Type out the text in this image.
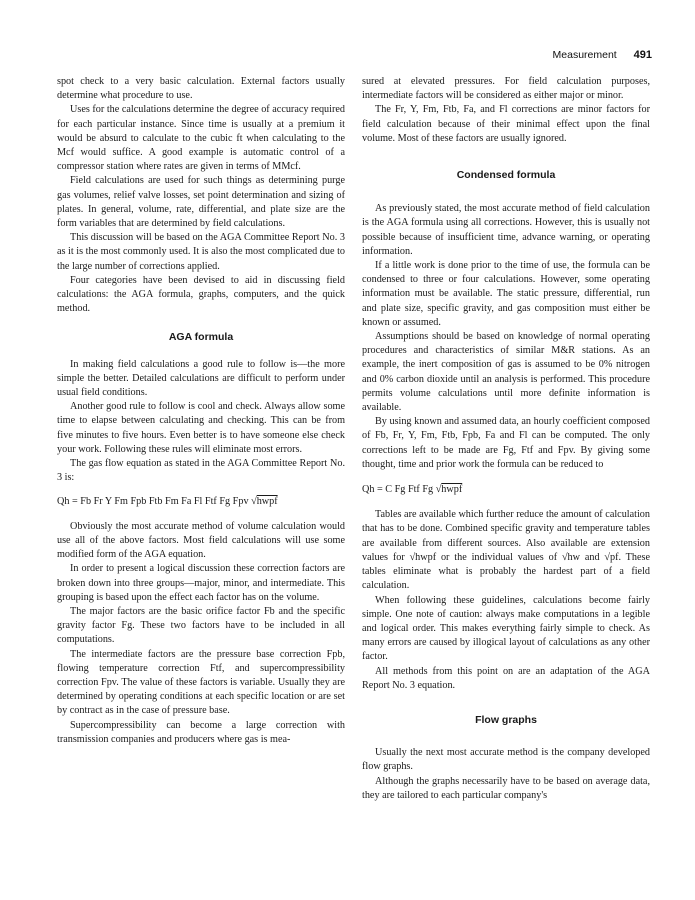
Measurement 491

spot check to a very basic calculation. External factors usually determine what procedure to use.

Uses for the calculations determine the degree of accuracy required for each particular instance. Since time is usually at a premium it would be absurd to calculate to the cubic ft when calculating to the Mcf would suffice. A good example is automatic control of a compressor station where rates are given in terms of MMcf.

Field calculations are used for such things as determining purge gas volumes, relief valve losses, set point determination and sizing of plates. In general, volume, rate, differential, and plate size are the form variables that are determined by field calculations.

This discussion will be based on the AGA Committee Report No. 3 as it is the most commonly used. It is also the most complicated due to the large number of corrections applied.

Four categories have been devised to aid in discussing field calculations: the AGA formula, graphs, computers, and the quick method.

AGA formula

In making field calculations a good rule to follow is—the more simple the better. Detailed calculations are difficult to perform under usual field conditions.

Another good rule to follow is cool and check. Always allow some time to elapse between calculating and checking. This can be from five minutes to five hours. Even better is to have someone else check your work. Following these rules will eliminate most errors.

The gas flow equation as stated in the AGA Committee Report No. 3 is:

Qh = Fb Fr Y Fm Fpb Ftb Fm Fa Fl Ftf Fg Fpv √hwpf

Obviously the most accurate method of volume calculation would use all of the above factors. Most field calculations will use some modified form of the AGA equation.

In order to present a logical discussion these correction factors are broken down into three groups—major, minor, and intermediate. This grouping is based upon the effect each factor has on the volume.

The major factors are the basic orifice factor Fb and the specific gravity factor Fg. These two factors have to be included in all computations.

The intermediate factors are the pressure base correction Fpb, flowing temperature correction Ftf, and supercompressibility correction Fpv. The value of these factors is variable. Usually they are determined by operating conditions at each specific location or are set by contract as in the case of pressure base.

Supercompressibility can become a large correction with transmission companies and producers where gas is mea-

sured at elevated pressures. For field calculation purposes, intermediate factors will be considered as either major or minor.

The Fr, Y, Fm, Ftb, Fa, and Fl corrections are minor factors for field calculation because of their minimal effect upon the final volume. Most of these factors are usually ignored.

Condensed formula

As previously stated, the most accurate method of field calculation is the AGA formula using all corrections. However, this is usually not possible because of insufficient time, advance warning, or operating information.

If a little work is done prior to the time of use, the formula can be condensed to three or four calculations. However, some operating information must be available. The static pressure, differential, run and plate size, specific gravity, and gas composition must either be known or assumed.

Assumptions should be based on knowledge of normal operating procedures and characteristics of similar M&R stations. As an example, the inert composition of gas is assumed to be 0% nitrogen and 0% carbon dioxide until an analysis is performed. This procedure permits volume calculations until more definite information is available.

By using known and assumed data, an hourly coefficient composed of Fb, Fr, Y, Fm, Ftb, Fpb, Fa and Fl can be computed. The only corrections left to be made are Fg, Ftf and Fpv. By giving some thought, time and prior work the formula can be reduced to

Qh = C Fg Ftf Fg √hwpf

Tables are available which further reduce the amount of calculation that has to be done. Combined specific gravity and temperature tables are available from different sources. Also available are extension values for √hwpf or the individual values of √hw and √pf. These tables eliminate what is probably the hardest part of a field calculation.

When following these guidelines, calculations become fairly simple. One note of caution: always make computations in a legible and logical order. This makes everything fairly simple to check. As many errors are caused by illogical layout of calculations as any other factor.

All methods from this point on are an adaptation of the AGA Report No. 3 equation.

Flow graphs

Usually the next most accurate method is the company developed flow graphs.

Although the graphs necessarily have to be based on average data, they are tailored to each particular company's
